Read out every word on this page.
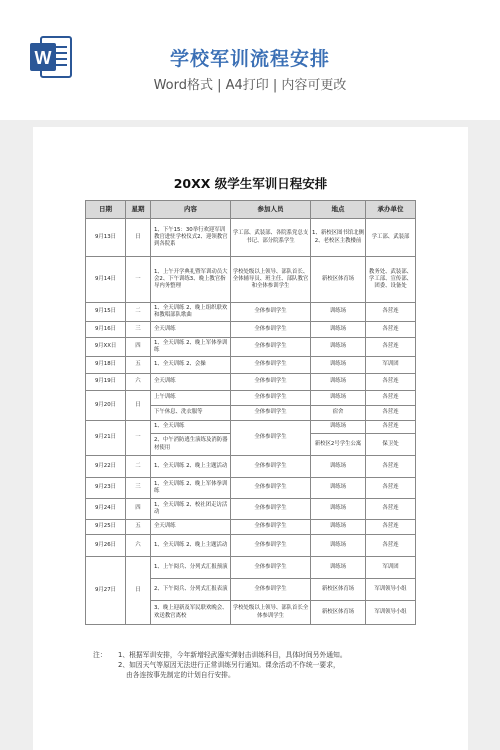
W	学校军训流程安排
Word格式 | A4打印 | 内容可更改
20XX 级学生军训日程安排
日期	星期	内容	参加人员	地点	承办单位
9月13日	日	1、下午15：30举行欢迎军训教官进驻学校仪式2、迎领教官到各院系	学工部、武装部、各院系党总支书记、部分院系学生	1、新校区图书馆北侧2、老校区主教楼前	学工部、武装部
9月14日	一	1、上午开学典礼暨军训动员大会2、下午训练3、晚上教官指导内务整理	学校处级以上领导、部队首长、全体辅导员、班主任、部队教官和全体参训学生	新校区体育场	教务处、武装部、学工部、宣传部、团委、设备处
9月15日	二	1、全天训练 2、晚上组织联欢和教唱部队歌曲	全体参训学生	训练场	各营连
9月16日	三	全天训练	全体参训学生	训练场	各营连
9月XX日	四	1、全天训练 2、晚上军体拳训练	全体参训学生	训练场	各营连
9月18日	五	1、全天训练 2、会操	全体参训学生	训练场	军训团
9月19日	六	全天训练	全体参训学生	训练场	各营连
9月20日	日	上午训练	全体参训学生	训练场	各营连
		下午休息、洗衣服等	全体参训学生	宿舍	各营连
9月21日	一	1、全天训练	全体参训学生	训练场	各营连
		2、中午消防逃生演练及消防器材使用		新校区2号学生公寓	保卫处
9月22日	二	1、全天训练 2、晚上主题活动	全体参训学生	训练场	各营连
9月23日	三	1、全天训练 2、晚上军体拳训练	全体参训学生	训练场	各营连
9月24日	四	1、全天训练 2、校社团走访活动	全体参训学生	训练场	各营连
9月25日	五	全天训练	全体参训学生	训练场	各营连
9月26日	六	1、全天训练 2、晚上主题活动	全体参训学生	训练场	各营连
9月27日	日	1、上午阅兵、分列式汇报预演	全体参训学生	训练场	军训团
		2、下午阅兵、分列式汇报表演	全体参训学生	新校区体育场	军训领导小组
		3、晚上迎新及军民联欢晚会、欢送教官离校	学校处级以上领导、部队首长全体参训学生	新校区体育场	军训领导小组
注：	1、根据军训安排，今年新增轻武器实弹射击训练科目，具体时间另外通知。
2、如因天气等原因无法进行正常训练另行通知。课余活动不作统一要求，
由各连按事先制定的计划自行安排。
